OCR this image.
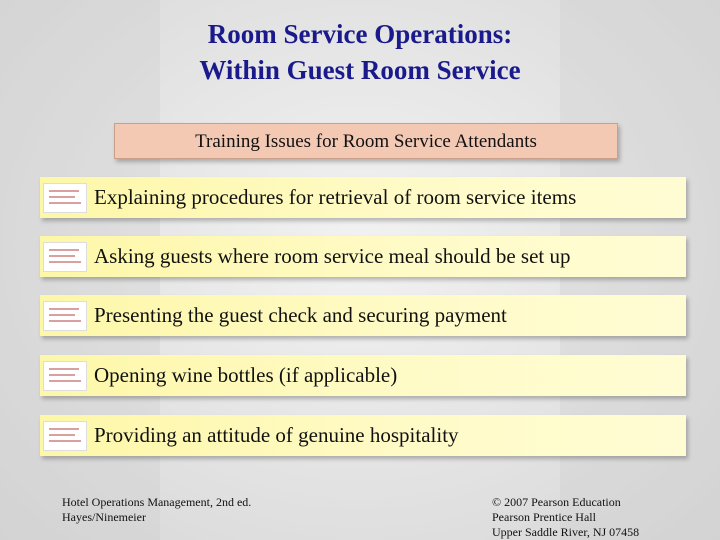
Room Service Operations:
Within Guest Room Service
Training Issues for Room Service Attendants
Explaining procedures for retrieval of room service items
Asking guests where room service meal should be set up
Presenting the guest check and securing payment
Opening wine bottles (if applicable)
Providing an attitude of genuine hospitality
Hotel Operations Management, 2nd ed.
Hayes/Ninemeier
© 2007 Pearson Education
Pearson Prentice Hall
Upper Saddle River, NJ 07458
